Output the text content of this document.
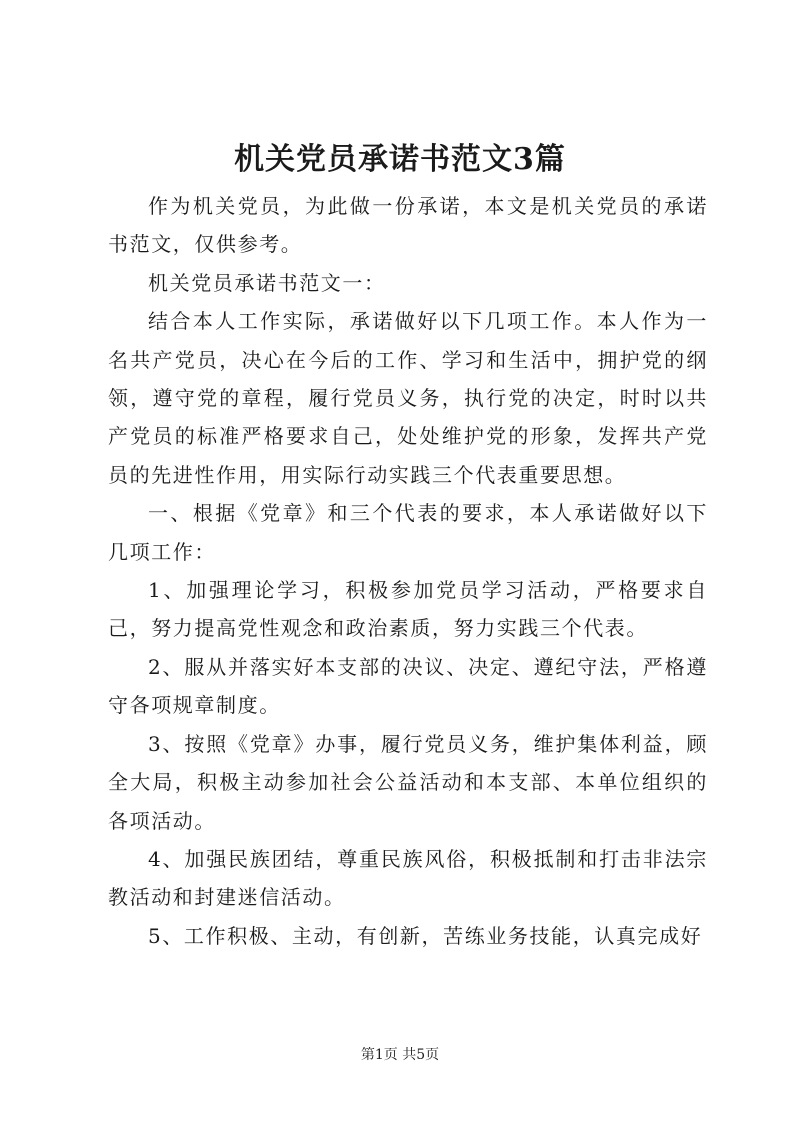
机关党员承诺书范文3篇

作为机关党员，为此做一份承诺，本文是机关党员的承诺书范文，仅供参考。

机关党员承诺书范文一：

结合本人工作实际，承诺做好以下几项工作。本人作为一名共产党员，决心在今后的工作、学习和生活中，拥护党的纲领，遵守党的章程，履行党员义务，执行党的决定，时时以共产党员的标准严格要求自己，处处维护党的形象，发挥共产党员的先进性作用，用实际行动实践三个代表重要思想。

一、根据《党章》和三个代表的要求，本人承诺做好以下几项工作：

1、加强理论学习，积极参加党员学习活动，严格要求自己，努力提高党性观念和政治素质，努力实践三个代表。

2、服从并落实好本支部的决议、决定、遵纪守法，严格遵守各项规章制度。

3、按照《党章》办事，履行党员义务，维护集体利益，顾全大局，积极主动参加社会公益活动和本支部、本单位组织的各项活动。

4、加强民族团结，尊重民族风俗，积极抵制和打击非法宗教活动和封建迷信活动。

5、工作积极、主动，有创新，苦练业务技能，认真完成好

第1页 共5页
